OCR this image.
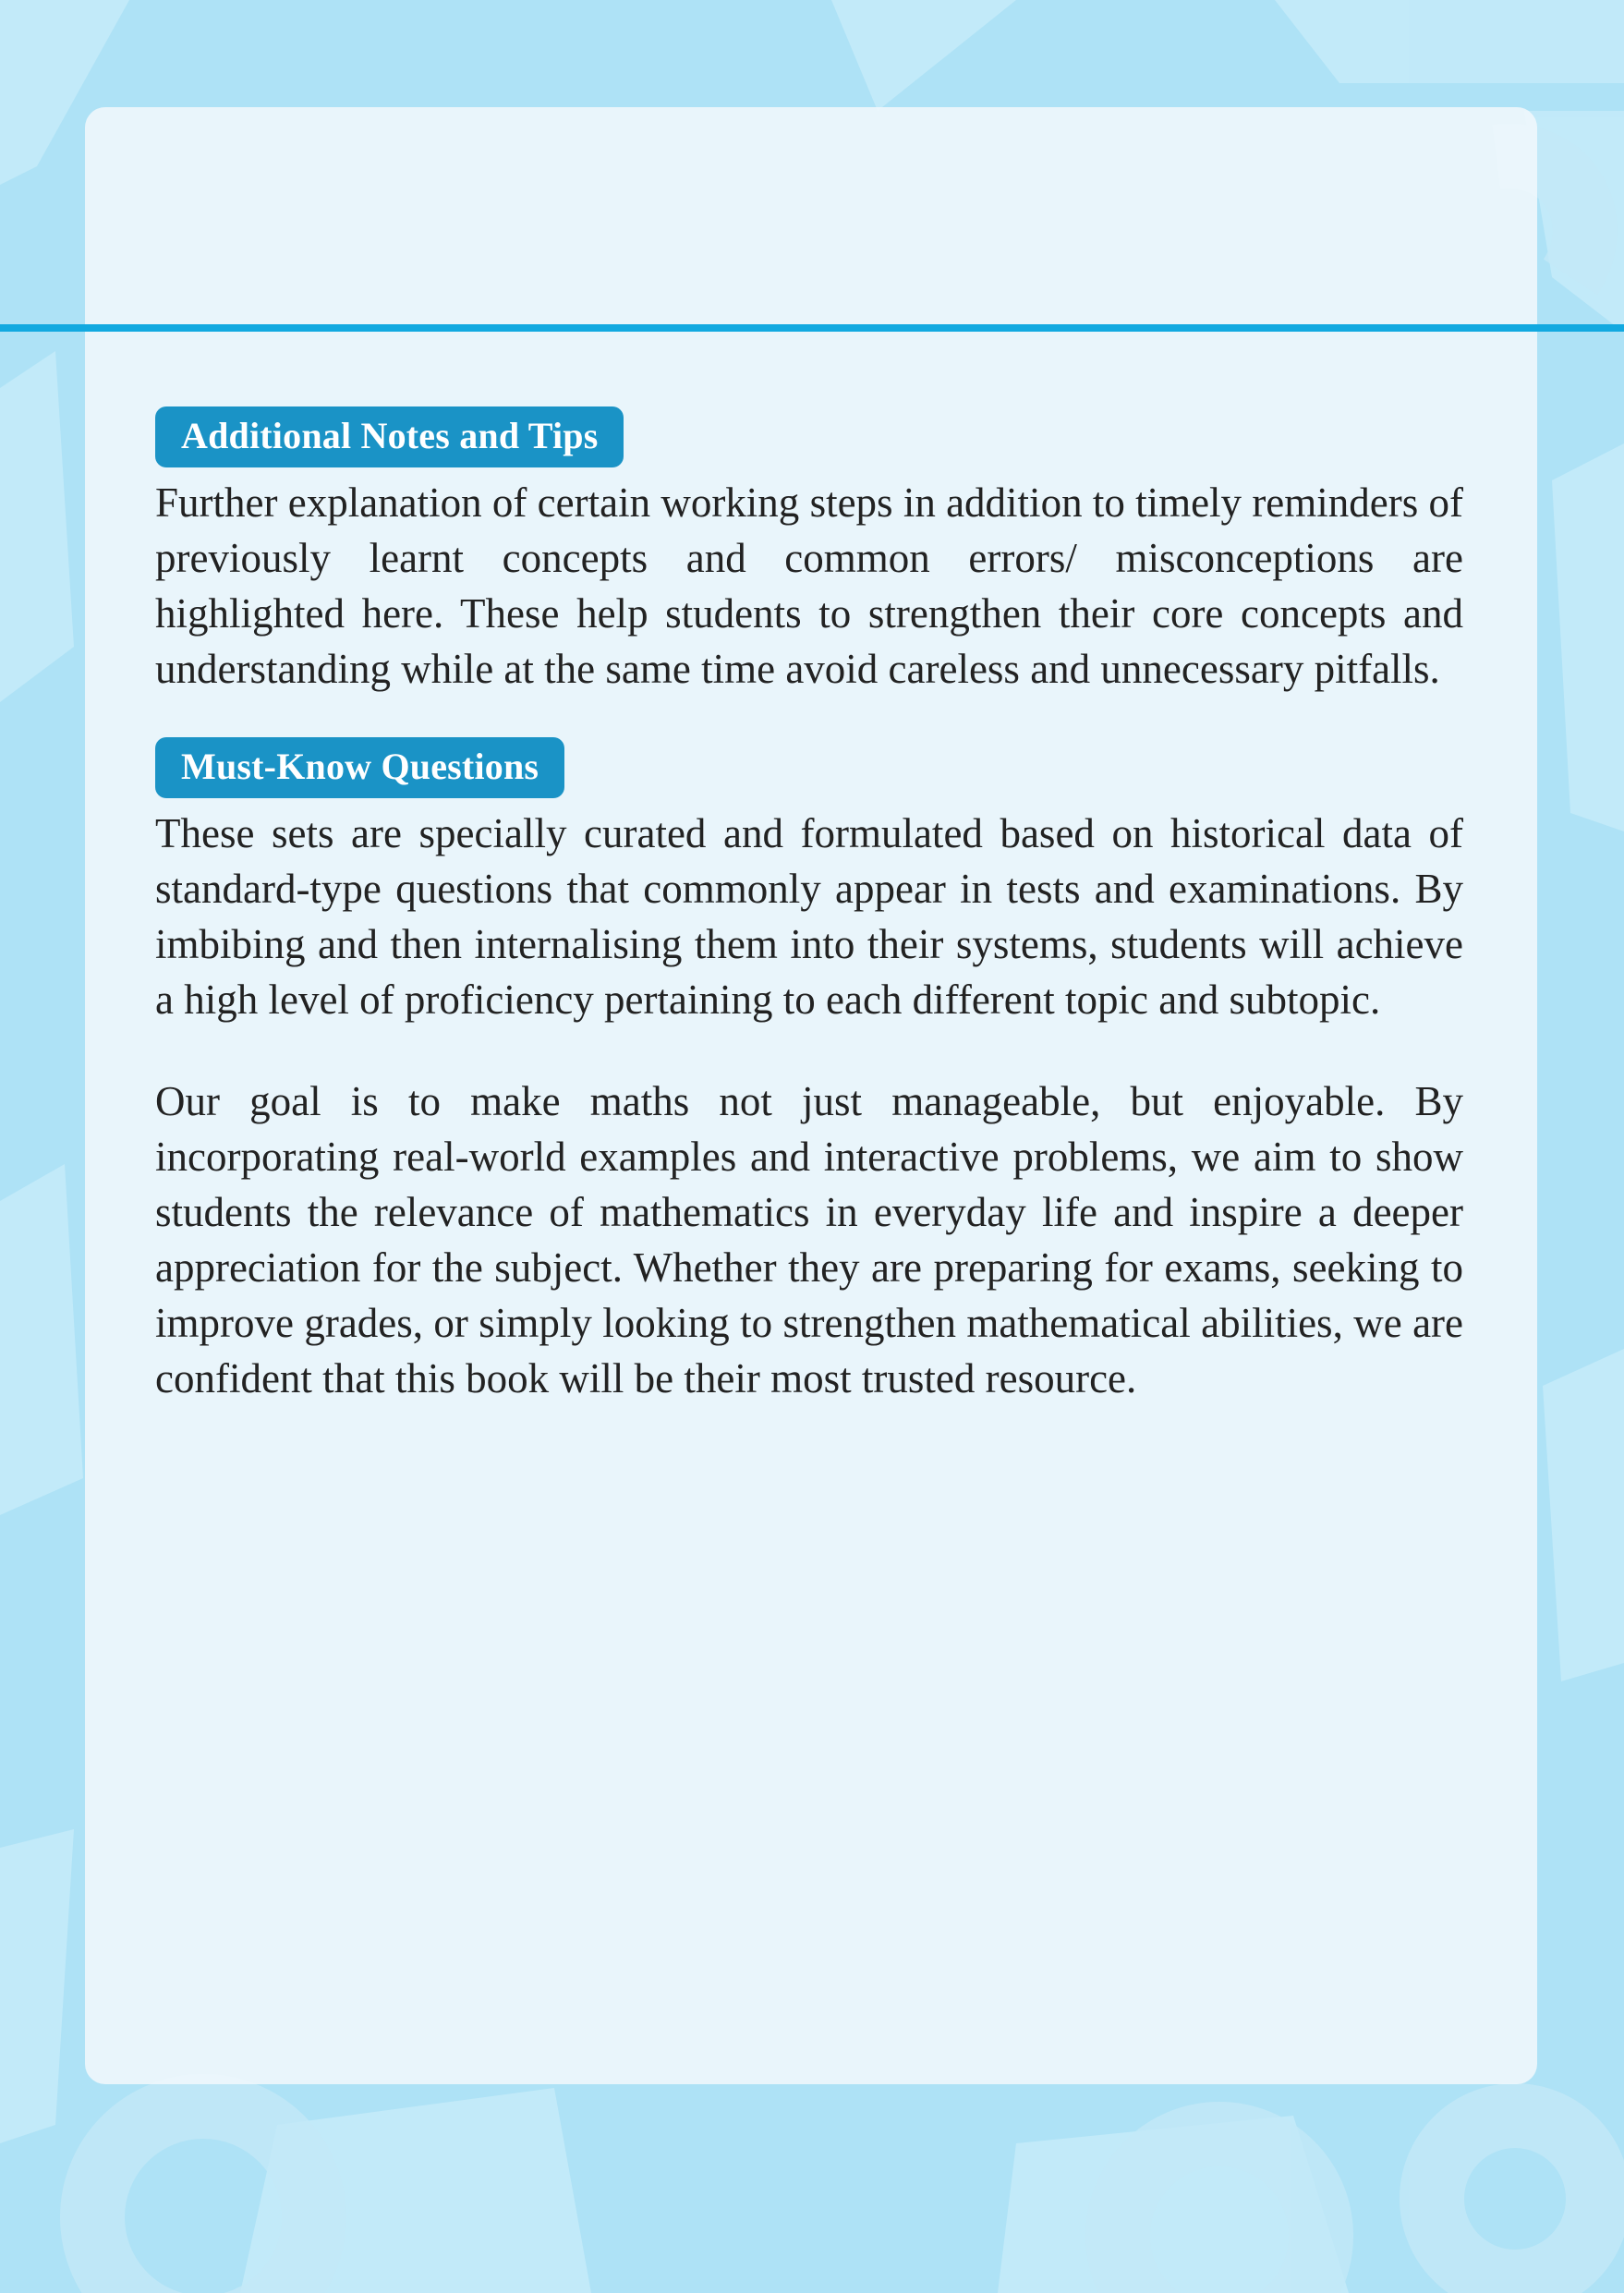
Additional Notes and Tips

Further explanation of certain working steps in addition to timely reminders of previously learnt concepts and common errors/ misconceptions are highlighted here. These help students to strengthen their core concepts and understanding while at the same time avoid careless and unnecessary pitfalls.

Must-Know Questions

These sets are specially curated and formulated based on historical data of standard-type questions that commonly appear in tests and examinations. By imbibing and then internalising them into their systems, students will achieve a high level of proficiency pertaining to each different topic and subtopic.

Our goal is to make maths not just manageable, but enjoyable. By incorporating real-world examples and interactive problems, we aim to show students the relevance of mathematics in everyday life and inspire a deeper appreciation for the subject. Whether they are preparing for exams, seeking to improve grades, or simply looking to strengthen mathematical abilities, we are confident that this book will be their most trusted resource.
